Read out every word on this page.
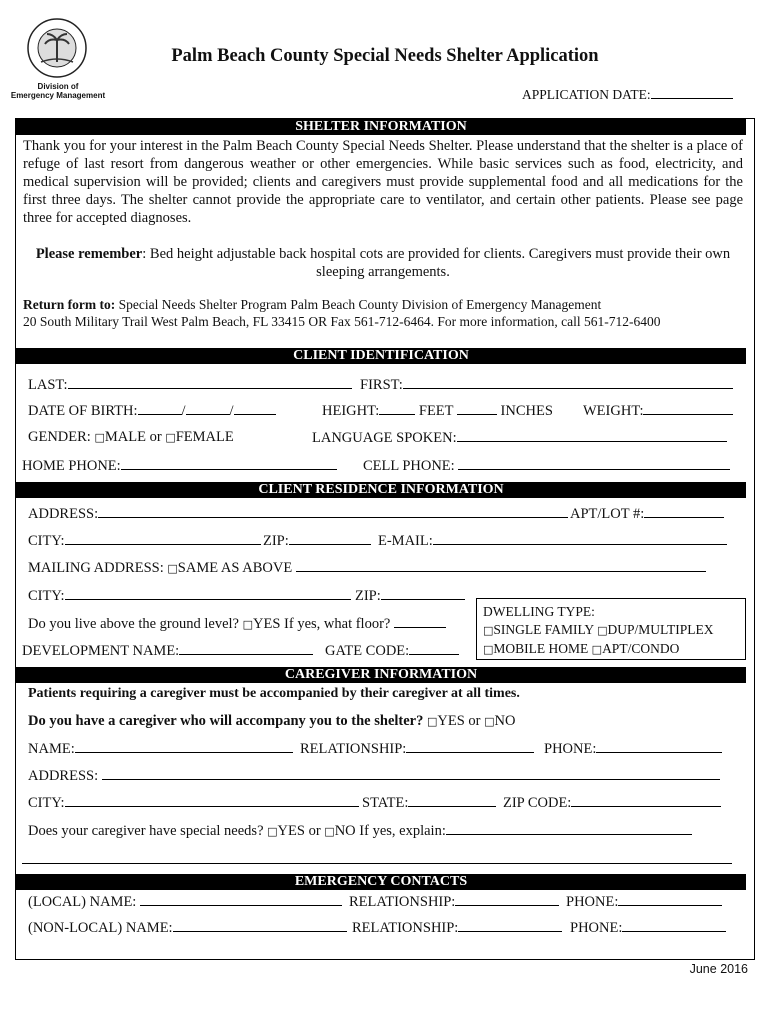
Division of
Emergency Management
Palm Beach County Special Needs Shelter Application
APPLICATION DATE:
SHELTER INFORMATION
Thank you for your interest in the Palm Beach County Special Needs Shelter. Please understand that the shelter is a place of refuge of last resort from dangerous weather or other emergencies. While basic services such as food, electricity, and medical supervision will be provided; clients and caregivers must provide supplemental food and all medications for the first three days. The shelter cannot provide the appropriate care to ventilator, and certain other patients. Please see page three for accepted diagnoses.
Please remember: Bed height adjustable back hospital cots are provided for clients. Caregivers must provide their own sleeping arrangements.
Return form to: Special Needs Shelter Program Palm Beach County Division of Emergency Management
20 South Military Trail West Palm Beach, FL 33415 OR Fax 561-712-6464. For more information, call 561-712-6400
CLIENT IDENTIFICATION
LAST:	FIRST:
DATE OF BIRTH:	/	/	HEIGHT:	FEET	INCHES WEIGHT:
GENDER: □MALE or □FEMALE	LANGUAGE SPOKEN:
HOME PHONE:	CELL PHONE:
CLIENT RESIDENCE INFORMATION
ADDRESS:	APT/LOT #:
CITY:	ZIP:	E-MAIL:
MAILING ADDRESS: □SAME AS ABOVE
CITY:	ZIP:
Do you live above the ground level? □YES If yes, what floor?
DEVELOPMENT NAME:	GATE CODE:
DWELLING TYPE:
□SINGLE FAMILY □DUP/MULTIPLEX
□MOBILE HOME □APT/CONDO
CAREGIVER INFORMATION
Patients requiring a caregiver must be accompanied by their caregiver at all times.
Do you have a caregiver who will accompany you to the shelter? □YES or □NO
NAME:	RELATIONSHIP:	PHONE:
ADDRESS:
CITY:	STATE:	ZIP CODE:
Does your caregiver have special needs? □YES or □NO If yes, explain:
EMERGENCY CONTACTS
(LOCAL) NAME:	RELATIONSHIP:	PHONE:
(NON-LOCAL) NAME:	RELATIONSHIP:	PHONE:
June 2016
